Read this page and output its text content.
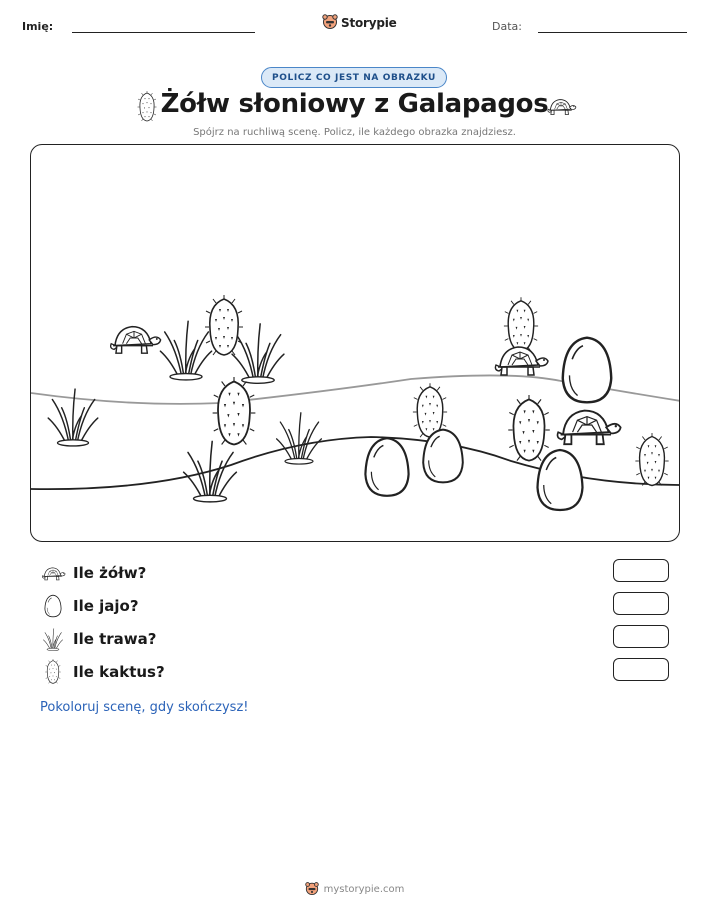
Imię:	Storypie	Data:
POLICZ CO JEST NA OBRAZKU
Żółw słoniowy z Galapagos
Spójrz na ruchliwą scenę. Policz, ile każdego obrazka znajdziesz.
Ile żółw?
Ile jajo?
Ile trawa?
Ile kaktus?
Pokoloruj scenę, gdy skończysz!
mystorypie.com
